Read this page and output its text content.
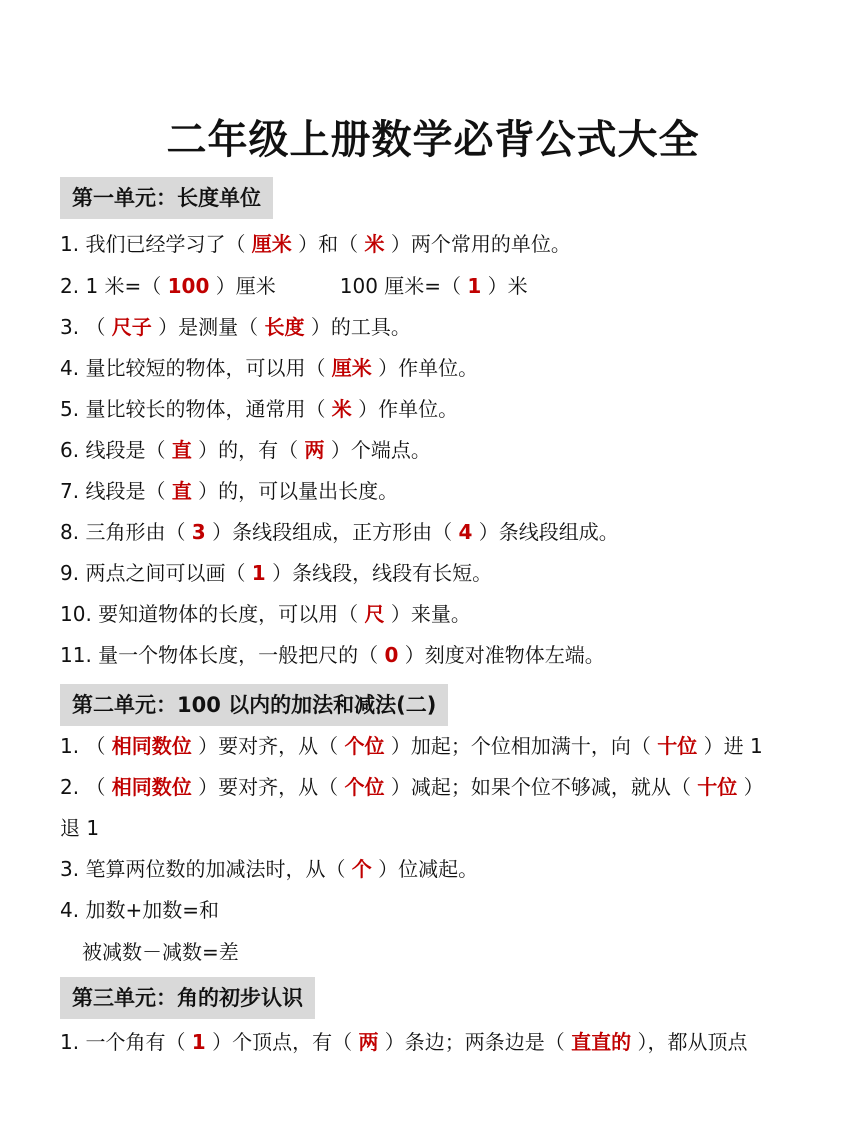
二年级上册数学必背公式大全
第一单元：长度单位
1. 我们已经学习了（ 厘米 ）和（ 米 ）两个常用的单位。
2. 1 米=（ 100 ）厘米	100 厘米=（ 1 ）米
3. （ 尺子 ）是测量（ 长度 ）的工具。
4. 量比较短的物体，可以用（ 厘米 ）作单位。
5. 量比较长的物体，通常用（ 米 ）作单位。
6. 线段是（ 直 ）的，有（ 两 ）个端点。
7. 线段是（ 直 ）的，可以量出长度。
8. 三角形由（ 3 ）条线段组成，正方形由（ 4 ）条线段组成。
9. 两点之间可以画（ 1 ）条线段，线段有长短。
10. 要知道物体的长度，可以用（ 尺 ）来量。
11. 量一个物体长度，一般把尺的（ 0 ）刻度对准物体左端。
第二单元：100 以内的加法和减法(二)
1. （ 相同数位 ）要对齐，从（ 个位 ）加起；个位相加满十，向（ 十位 ）进 1
2. （ 相同数位 ）要对齐，从（ 个位 ）减起；如果个位不够减，就从（ 十位 ）
退 1
3. 笔算两位数的加减法时，从（ 个 ）位减起。
4. 加数+加数=和
被减数－减数=差
第三单元：角的初步认识
1. 一个角有（ 1 ）个顶点，有（ 两 ）条边；两条边是（ 直直的 ），都从顶点
